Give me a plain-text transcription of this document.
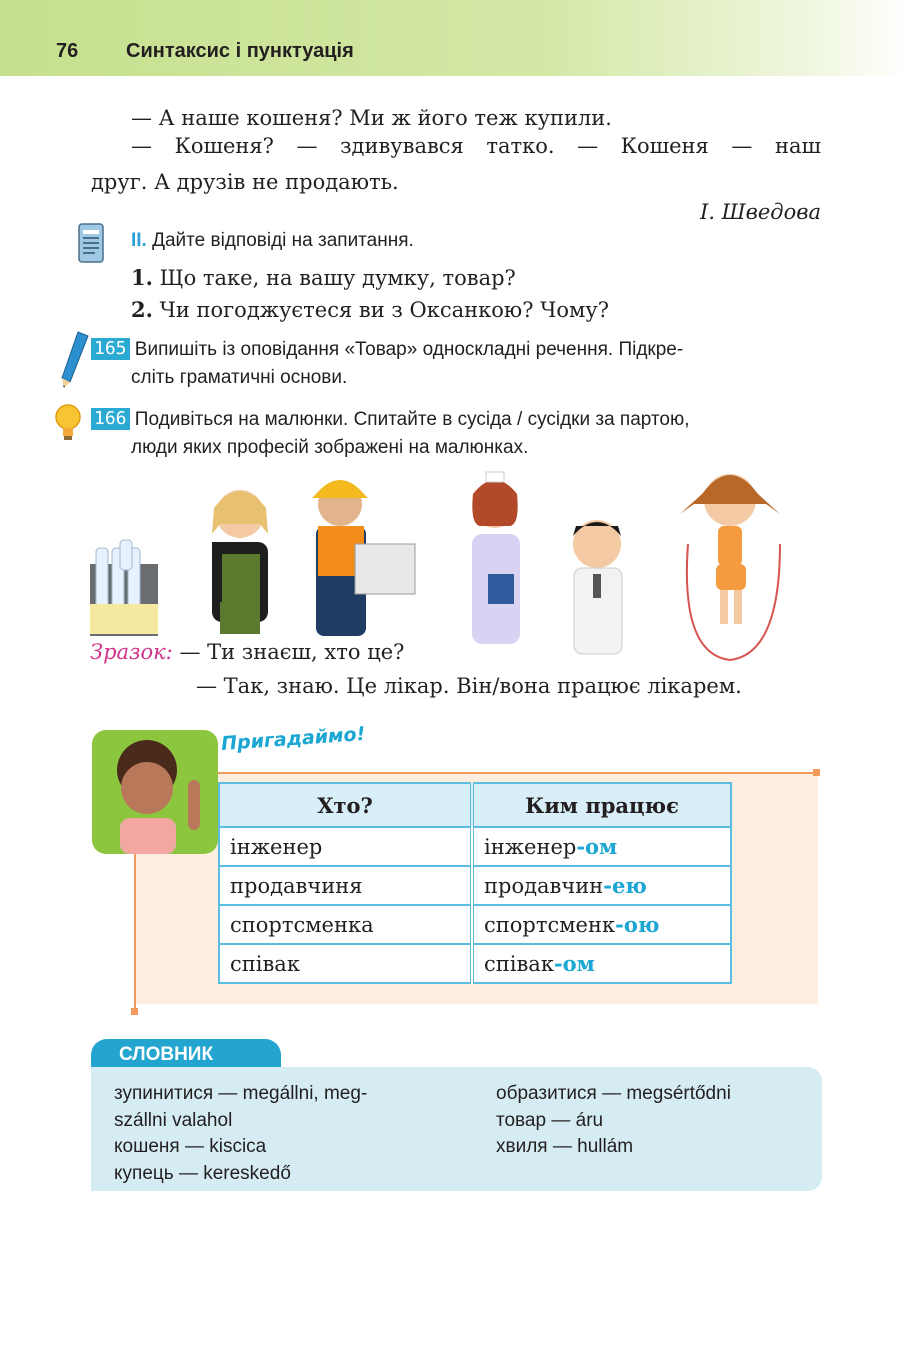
76 Синтаксис і пунктуація
— А наше кошеня? Ми ж його теж купили.
— Кошеня? — здивувався татко. — Кошеня — наш
друг. А друзів не продають.
І. Шведова
II. Дайте відповіді на запитання.
1. Що таке, на вашу думку, товар?
2. Чи погоджуєтеся ви з Оксанкою? Чому?
165 Випишіть із оповідання «Товар» односкладні речення. Підкре-
сліть граматичні основи.
166 Подивіться на малюнки. Спитайте в сусіда / сусідки за партою,
люди яких професій зображені на малюнках.
Зразок: — Ти знаєш, хто це?
— Так, знаю. Це лікар. Він/вона працює лікарем.
Пригадаймо!
Хто?	Ким працює
інженер	інженер-ом
продавчиня	продавчин-ею
спортсменка	спортсменк-ою
співак	співак-ом
СЛОВНИК
зупинитися — megállni, meg-
szállni valahol
кошеня — kiscica
купець — kereskedő
образитися — megsértődni
товар — áru
хвиля — hullám
